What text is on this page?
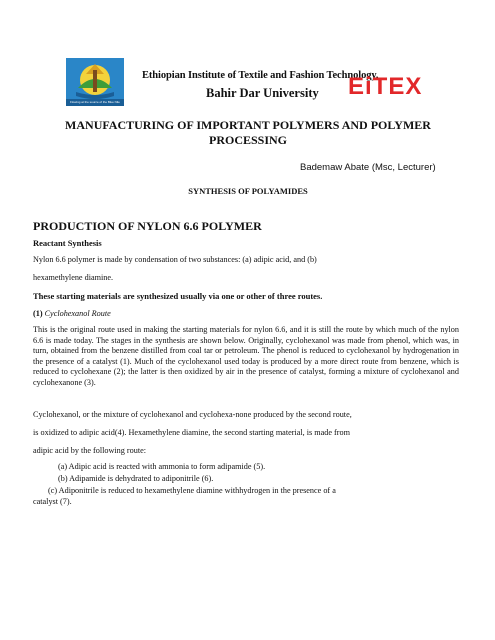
Flowing at the source of the Blue Nile
Ethiopian Institute of Textile and Fashion Technology,
Bahir Dar University EiTEX
MANUFACTURING OF IMPORTANT POLYMERS AND POLYMER
PROCESSING
Bademaw Abate (Msc, Lecturer)
SYNTHESIS OF POLYAMIDES
PRODUCTION OF NYLON 6.6 POLYMER
Reactant Synthesis
Nylon 6.6 polymer is made by condensation of two substances: (a) adipic acid, and (b)
hexamethylene diamine.
These starting materials are synthesized usually via one or other of three routes.
(1) Cyclohexanol Route
This is the original route used in making the starting materials for nylon 6.6, and it is still the route by which much of the nylon 6.6 is made today. The stages in the synthesis are shown below. Originally, cyclohexanol was made from phenol, which was, in turn, obtained from the benzene distilled from coal tar or petroleum. The phenol is reduced to cyclohexanol by hydrogenation in the presence of a catalyst (1). Much of the cyclohexanol used today is produced by a more direct route from benzene, which is reduced to cyclohexane (2); the latter is then oxidized by air in the presence of catalyst, forming a mixture of cyclohexanol and cyclohexanone (3).
Cyclohexanol, or the mixture of cyclohexanol and cyclohexa-none produced by the second route,
is oxidized to adipic acid(4). Hexamethylene diamine, the second starting material, is made from
adipic acid by the following route:
(a) Adipic acid is reacted with ammonia to form adipamide (5).
(b) Adipamide is dehydrated to adiponitrile (6).
(c) Adiponitrile is reduced to hexamethylene diamine withhydrogen in the presence of a
catalyst (7).
